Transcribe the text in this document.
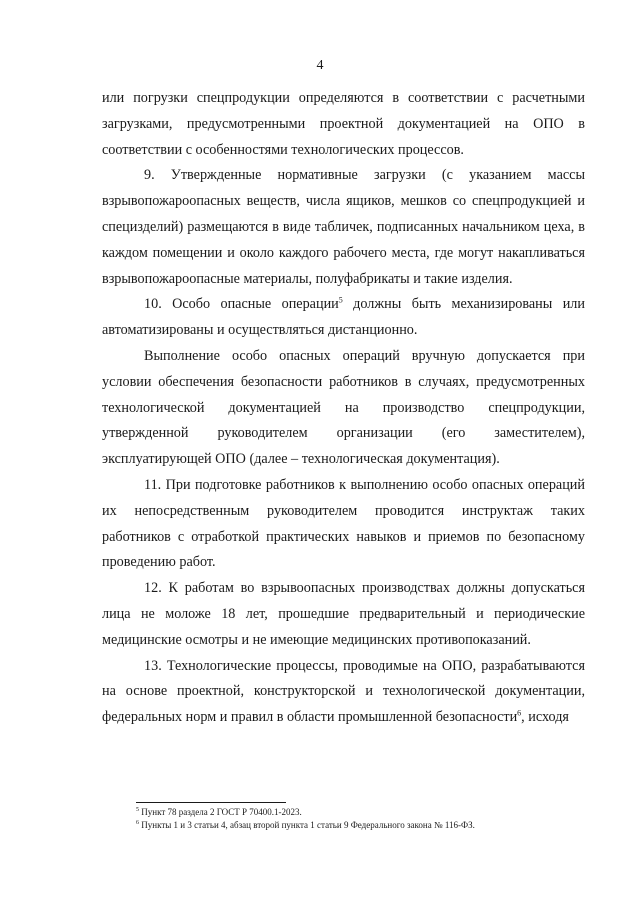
4

или погрузки спецпродукции определяются в соответствии с расчетными загрузками, предусмотренными проектной документацией на ОПО в соответствии с особенностями технологических процессов.

9. Утвержденные нормативные загрузки (с указанием массы взрывопожароопасных веществ, числа ящиков, мешков со спецпродукцией и специзделий) размещаются в виде табличек, подписанных начальником цеха, в каждом помещении и около каждого рабочего места, где могут накапливаться взрывопожароопасные материалы, полуфабрикаты и такие изделия.

10. Особо опасные операции$^5$ должны быть механизированы или автоматизированы и осуществляться дистанционно.

Выполнение особо опасных операций вручную допускается при условии обеспечения безопасности работников в случаях, предусмотренных технологической документацией на производство спецпродукции, утвержденной руководителем организации (его заместителем), эксплуатирующей ОПО (далее – технологическая документация).

11. При подготовке работников к выполнению особо опасных операций их непосредственным руководителем проводится инструктаж таких работников с отработкой практических навыков и приемов по безопасному проведению работ.

12. К работам во взрывоопасных производствах должны допускаться лица не моложе 18 лет, прошедшие предварительный и периодические медицинские осмотры и не имеющие медицинских противопоказаний.

13. Технологические процессы, проводимые на ОПО, разрабатываются на основе проектной, конструкторской и технологической документации, федеральных норм и правил в области промышленной безопасности$^6$, исходя

$^5$ Пункт 78 раздела 2 ГОСТ Р 70400.1-2023.

$^6$ Пункты 1 и 3 статьи 4, абзац второй пункта 1 статьи 9 Федерального закона № 116-ФЗ.
